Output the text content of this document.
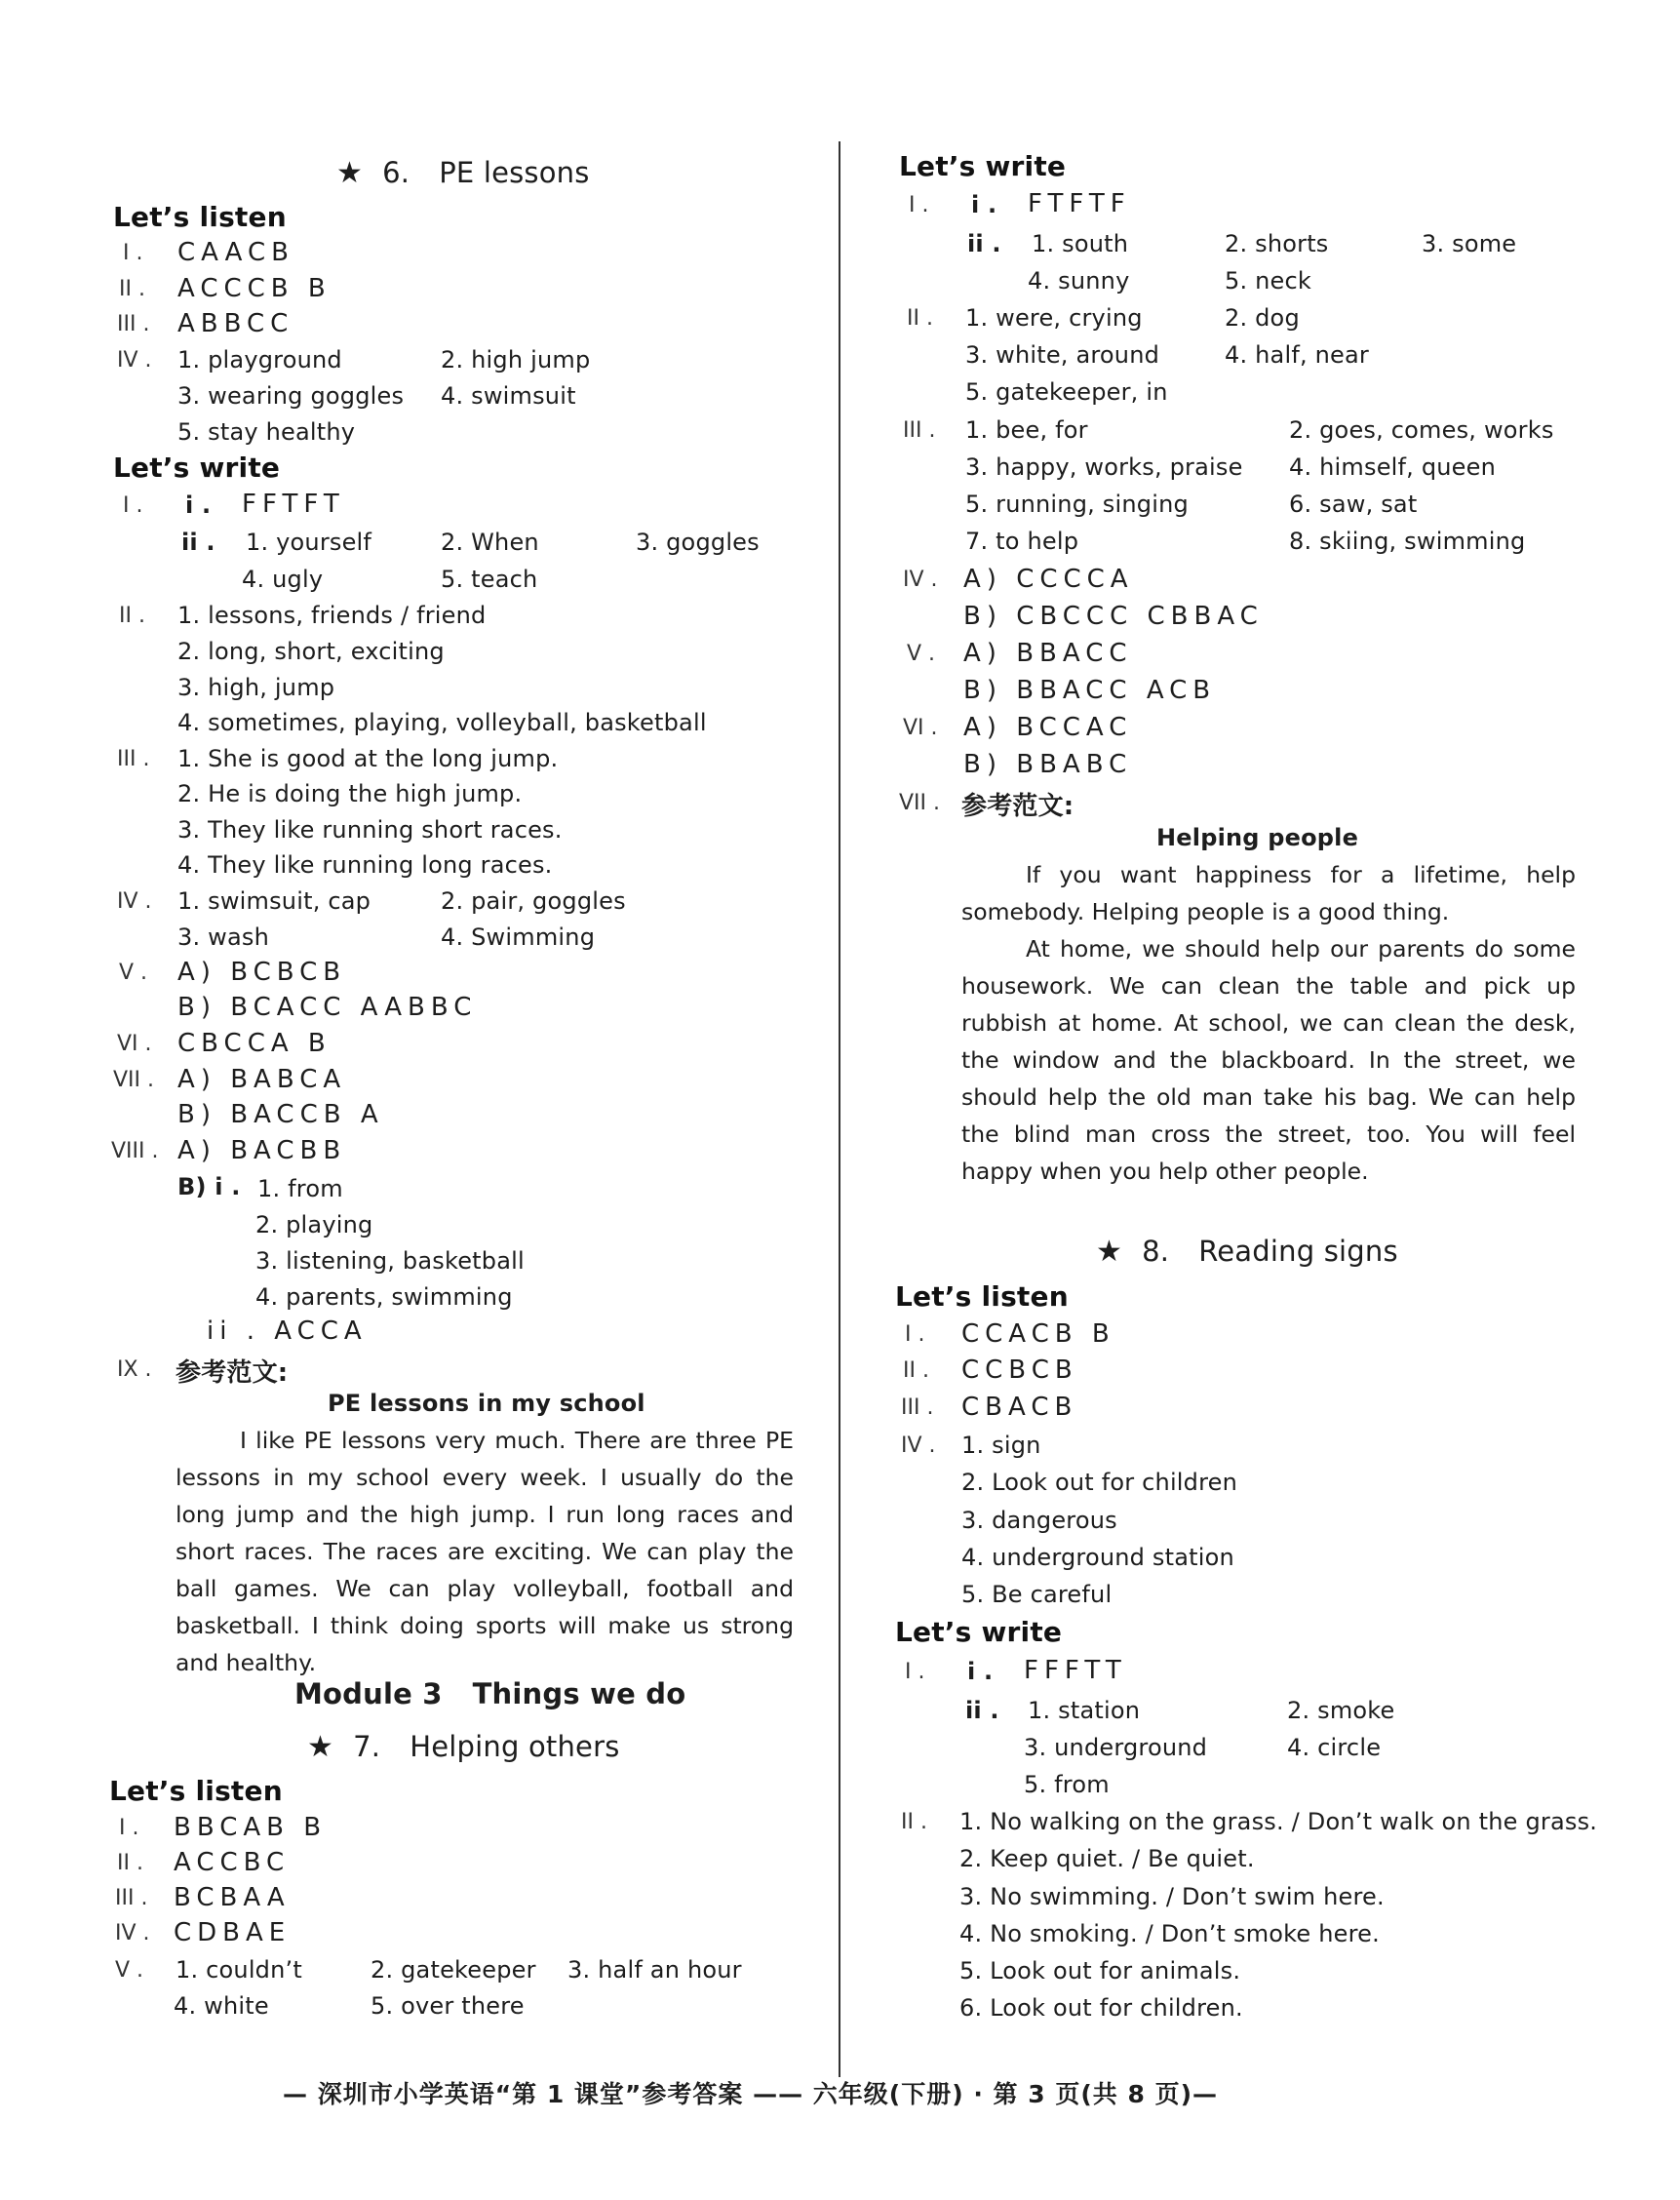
★ 6. PE lessons
Let’s listen
I . CAACB
II . ACCCB B
III . ABBCC
IV . 1. playground	2. high jump
3. wearing goggles 4. swimsuit
5. stay healthy
Let’s write
I . i . FFTFT
ii . 1. yourself	2. When	3. goggles
4. ugly	5. teach
II . 1. lessons, friends / friend
2. long, short, exciting
3. high, jump
4. sometimes, playing, volleyball, basketball
III . 1. She is good at the long jump.
2. He is doing the high jump.
3. They like running short races.
4. They like running long races.
IV . 1. swimsuit, cap	2. pair, goggles
3. wash	4. Swimming
V . A) BCBCB
B) BCACC AABBC
VI . CBCCA B
VII . A) BABCA
B) BACCB A
VIII . A) BACBB
B) i . 1. from
2. playing
3. listening, basketball
4. parents, swimming
ii . ACCA
IX . 参考范文:
PE lessons in my school
I like PE lessons very much. There are three PE lessons in my school every week. I usually do the long jump and the high jump. I run long races and short races. The races are exciting. We can play the ball games. We can play volleyball, football and basketball. I think doing sports will make us strong and healthy.
Module 3 Things we do
★ 7. Helping others
Let’s listen
I . BBCAB B
II . ACCBC
III . BCBAA
IV . CDBAE
V . 1. couldn’t	2. gatekeeper 3. half an hour
4. white	5. over there
Let’s write
I . i . FTFTF
ii . 1. south	2. shorts	3. some
4. sunny	5. neck
II . 1. were, crying	2. dog
3. white, around	4. half, near
5. gatekeeper, in
III . 1. bee, for	2. goes, comes, works
3. happy, works, praise 4. himself, queen
5. running, singing	6. saw, sat
7. to help	8. skiing, swimming
IV . A) CCCCA
B) CBCCC CBBAC
V . A) BBACC
B) BBACC ACB
VI . A) BCCAC
B) BBABC
VII . 参考范文:
Helping people
If you want happiness for a lifetime, help somebody. Helping people is a good thing.
At home, we should help our parents do some housework. We can clean the table and pick up rubbish at home. At school, we can clean the desk, the window and the blackboard. In the street, we should help the old man take his bag. We can help the blind man cross the street, too. You will feel happy when you help other people.
★ 8. Reading signs
Let’s listen
I . CCACB B
II . CCBCB
III . CBACB
IV . 1. sign
2. Look out for children
3. dangerous
4. underground station
5. Be careful
Let’s write
I . i . FFFTT
ii . 1. station	2. smoke
3. underground	4. circle
5. from
II . 1. No walking on the grass. / Don’t walk on the grass.
2. Keep quiet. / Be quiet.
3. No swimming. / Don’t swim here.
4. No smoking. / Don’t smoke here.
5. Look out for animals.
6. Look out for children.
— 深圳市小学英语“第 1 课堂”参考答案 —— 六年级(下册) · 第 3 页(共 8 页)—
